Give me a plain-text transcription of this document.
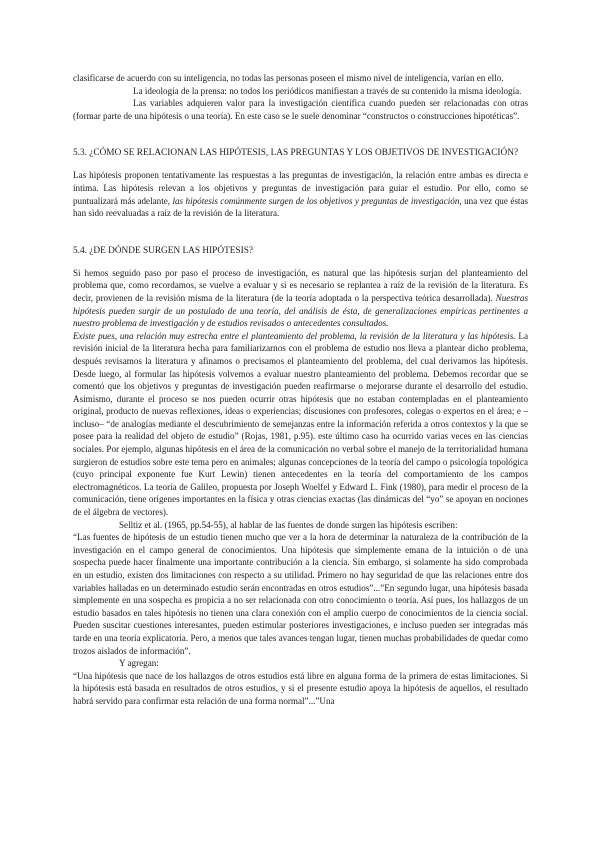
clasificarse de acuerdo con su inteligencia, no todas las personas poseen el mismo nivel de inteligencia, varían en ello.

La ideología de la prensa: no todos los periódicos manifiestan a través de su contenido la misma ideología.

Las variables adquieren valor para la investigación científica cuando pueden ser relacionadas con otras (formar parte de una hipótesis o una teoría). En este caso se le suele denominar “constructos o construcciones hipotéticas”.

5.3. ¿CÓMO SE RELACIONAN LAS HIPÓTESIS, LAS PREGUNTAS Y LOS OBJETIVOS DE INVESTIGACIÓN?

Las hipótesis proponen tentativamente las respuestas a las preguntas de investigación, la relación entre ambas es directa e íntima. Las hipótesis relevan a los objetivos y preguntas de investigación para guiar el estudio. Por ello, como se puntualizará más adelante, las hipótesis comúnmente surgen de los objetivos y preguntas de investigación, una vez que éstas han sido reevaluadas a raíz de la revisión de la literatura.

5.4. ¿DE DÓNDE SURGEN LAS HIPÓTESIS?

Si hemos seguido paso por paso el proceso de investigación, es natural que las hipótesis surjan del planteamiento del problema que, como recordamos, se vuelve a evaluar y si es necesario se replantea a raíz de la revisión de la literatura. Es decir, provienen de la revisión misma de la literatura (de la teoría adoptada o la perspectiva teórica desarrollada). Nuestras hipótesis pueden surgir de un postulado de una teoría, del análisis de ésta, de generalizaciones empíricas pertinentes a nuestro problema de investigación y de estudios revisados o antecedentes consultados.

Existe pues, una relación muy estrecha entre el planteamiento del problema, la revisión de la literatura y las hipótesis. La revisión inicial de la literatura hecha para familiarizarnos con el problema de estudio nos lleva a plantear dicho problema, después revisamos la literatura y afinamos o precisamos el planteamiento del problema, del cual derivamos las hipótesis. Desde luego, al formular las hipótesis volvemos a evaluar nuestro planteamiento del problema. Debemos recordar que se comentó que los objetivos y preguntas de investigación pueden reafirmarse o mejorarse durante el desarrollo del estudio. Asimismo, durante el proceso se nos pueden ocurrir otras hipótesis que no estaban contempladas en el planteamiento original, producto de nuevas reflexiones, ideas o experiencias; discusiones con profesores, colegas o expertos en el área; e –incluso– “de analogías mediante el descubrimiento de semejanzas entre la información referida a otros contextos y la que se posee para la realidad del objeto de estudio” (Rojas, 1981, p.95). este último caso ha ocurrido varias veces en las ciencias sociales. Por ejemplo, algunas hipótesis en el área de la comunicación no verbal sobre el manejo de la territorialidad humana surgieron de estudios sobre este tema pero en animales; algunas concepciones de la teoría del campo o psicología topológica (cuyo principal exponente fue Kurt Lewin) tienen antecedentes en la teoría del comportamiento de los campos electromagnéticos. La teoría de Galileo, propuesta por Joseph Woelfel y Edward L. Fink (1980), para medir el proceso de la comunicación, tiene orígenes importantes en la física y otras ciencias exactas (las dinámicas del “yo” se apoyan en nociones de el álgebra de vectores).

Selltiz et al. (1965, pp.54-55), al hablar de las fuentes de donde surgen las hipótesis escriben:

“Las fuentes de hipótesis de un estudio tienen mucho que ver a la hora de determinar la naturaleza de la contribución de la investigación en el campo general de conocimientos. Una hipótesis que simplemente emana de la intuición o de una sospecha puede hacer finalmente una importante contribución a la ciencia. Sin embargo, si solamente ha sido comprobada en un estudio, existen dos limitaciones con respecto a su utilidad. Primero no hay seguridad de que las relaciones entre dos variables halladas en un determinado estudio serán encontradas en otros estudios”...”En segundo lugar, una hipótesis basada simplemente en una sospecha es propicia a no ser relacionada con otro conocimiento o teoría. Así pues, los hallazgos de un estudio basados en tales hipótesis no tienen una clara conexión con el amplio cuerpo de conocimientos de la ciencia social. Pueden suscitar cuestiones interesantes, pueden estimular posteriores investigaciones, e incluso pueden ser integradas más tarde en una teoría explicatoria. Pero, a menos que tales avances tengan lugar, tienen muchas probabilidades de quedar como trozos aislados de información”.

Y agregan:

“Una hipótesis que nace de los hallazgos de otros estudios está libre en alguna forma de la primera de estas limitaciones. Si la hipótesis está basada en resultados de otros estudios, y si el presente estudio apoya la hipótesis de aquellos, el resultado habrá servido para confirmar esta relación de una forma normal”...”Una
